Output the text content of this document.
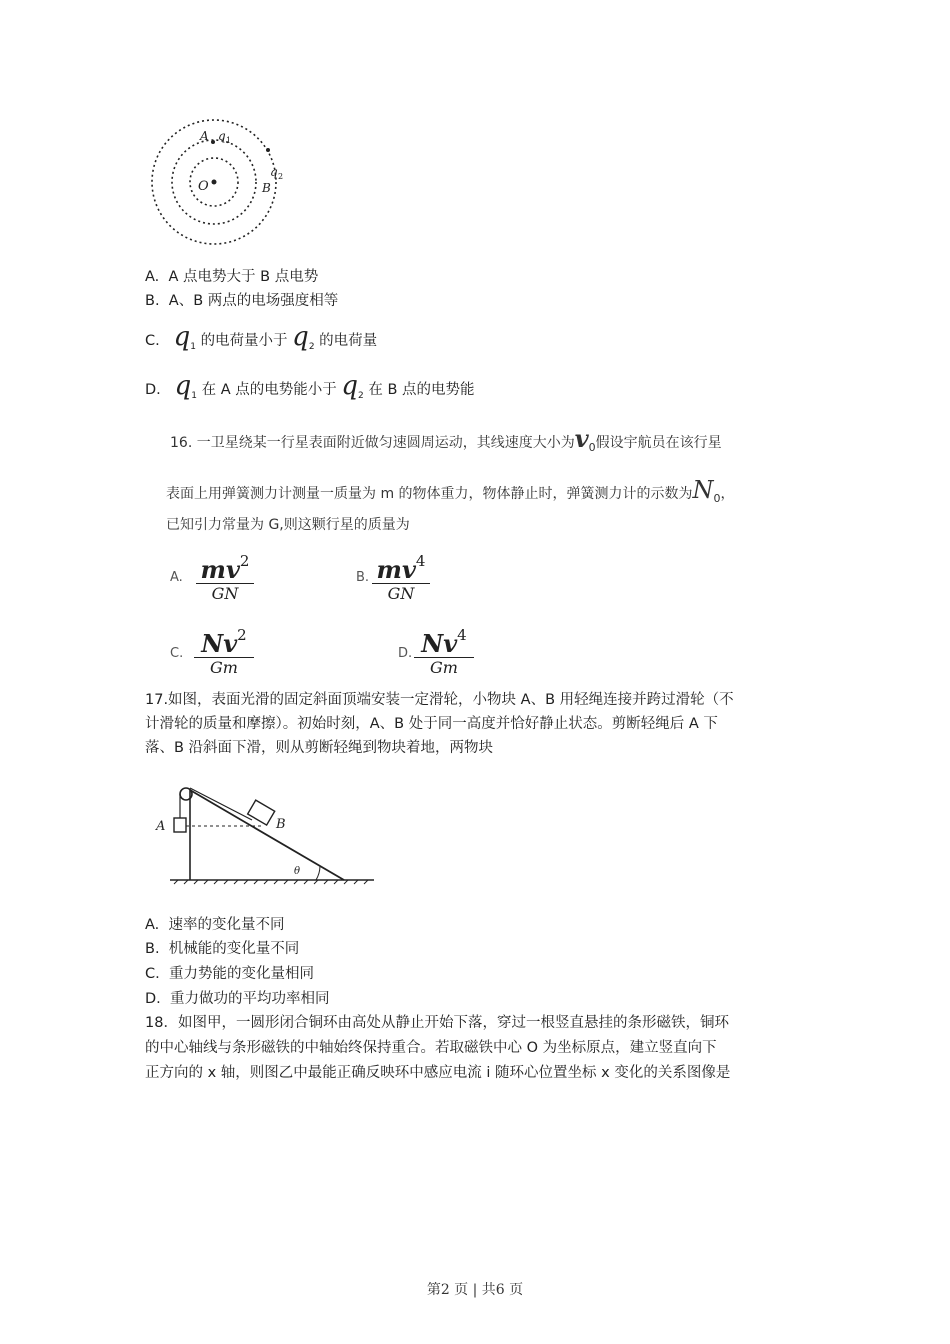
A q 1
q 2
O	B
A. A 点电势大于 B 点电势
B. A、B 两点的电场强度相等
C. $q_1$ 的电荷量小于 $q_2$ 的电荷量
D. $q_1$ 在 A 点的电势能小于 $q_2$ 在 B 点的电势能
16. 一卫星绕某一行星表面附近做匀速圆周运动，其线速度大小为$v_0$假设宇航员在该行星
表面上用弹簧测力计测量一质量为 m 的物体重力，物体静止时，弹簧测力计的示数为$N_0$，
已知引力常量为 G,则这颗行星的质量为
A. $mv^2$
GN
B. $mv^4$
GN
C. Nv$^2$
Gm
D. Nv$^4$
Gm
17.如图，表面光滑的固定斜面顶端安装一定滑轮，小物块 A、B 用轻绳连接并跨过滑轮（不
计滑轮的质量和摩擦）。初始时刻，A、B 处于同一高度并恰好静止状态。剪断轻绳后 A 下
落、B 沿斜面下滑，则从剪断轻绳到物块着地，两物块
A	B
θ
A. 速率的变化量不同
B. 机械能的变化量不同
C. 重力势能的变化量相同
D. 重力做功的平均功率相同
18．如图甲，一圆形闭合铜环由高处从静止开始下落，穿过一根竖直悬挂的条形磁铁，铜环
的中心轴线与条形磁铁的中轴始终保持重合。若取磁铁中心 O 为坐标原点，建立竖直向下
正方向的 x 轴，则图乙中最能正确反映环中感应电流 i 随环心位置坐标 x 变化的关系图像是
第2 页 | 共6 页
